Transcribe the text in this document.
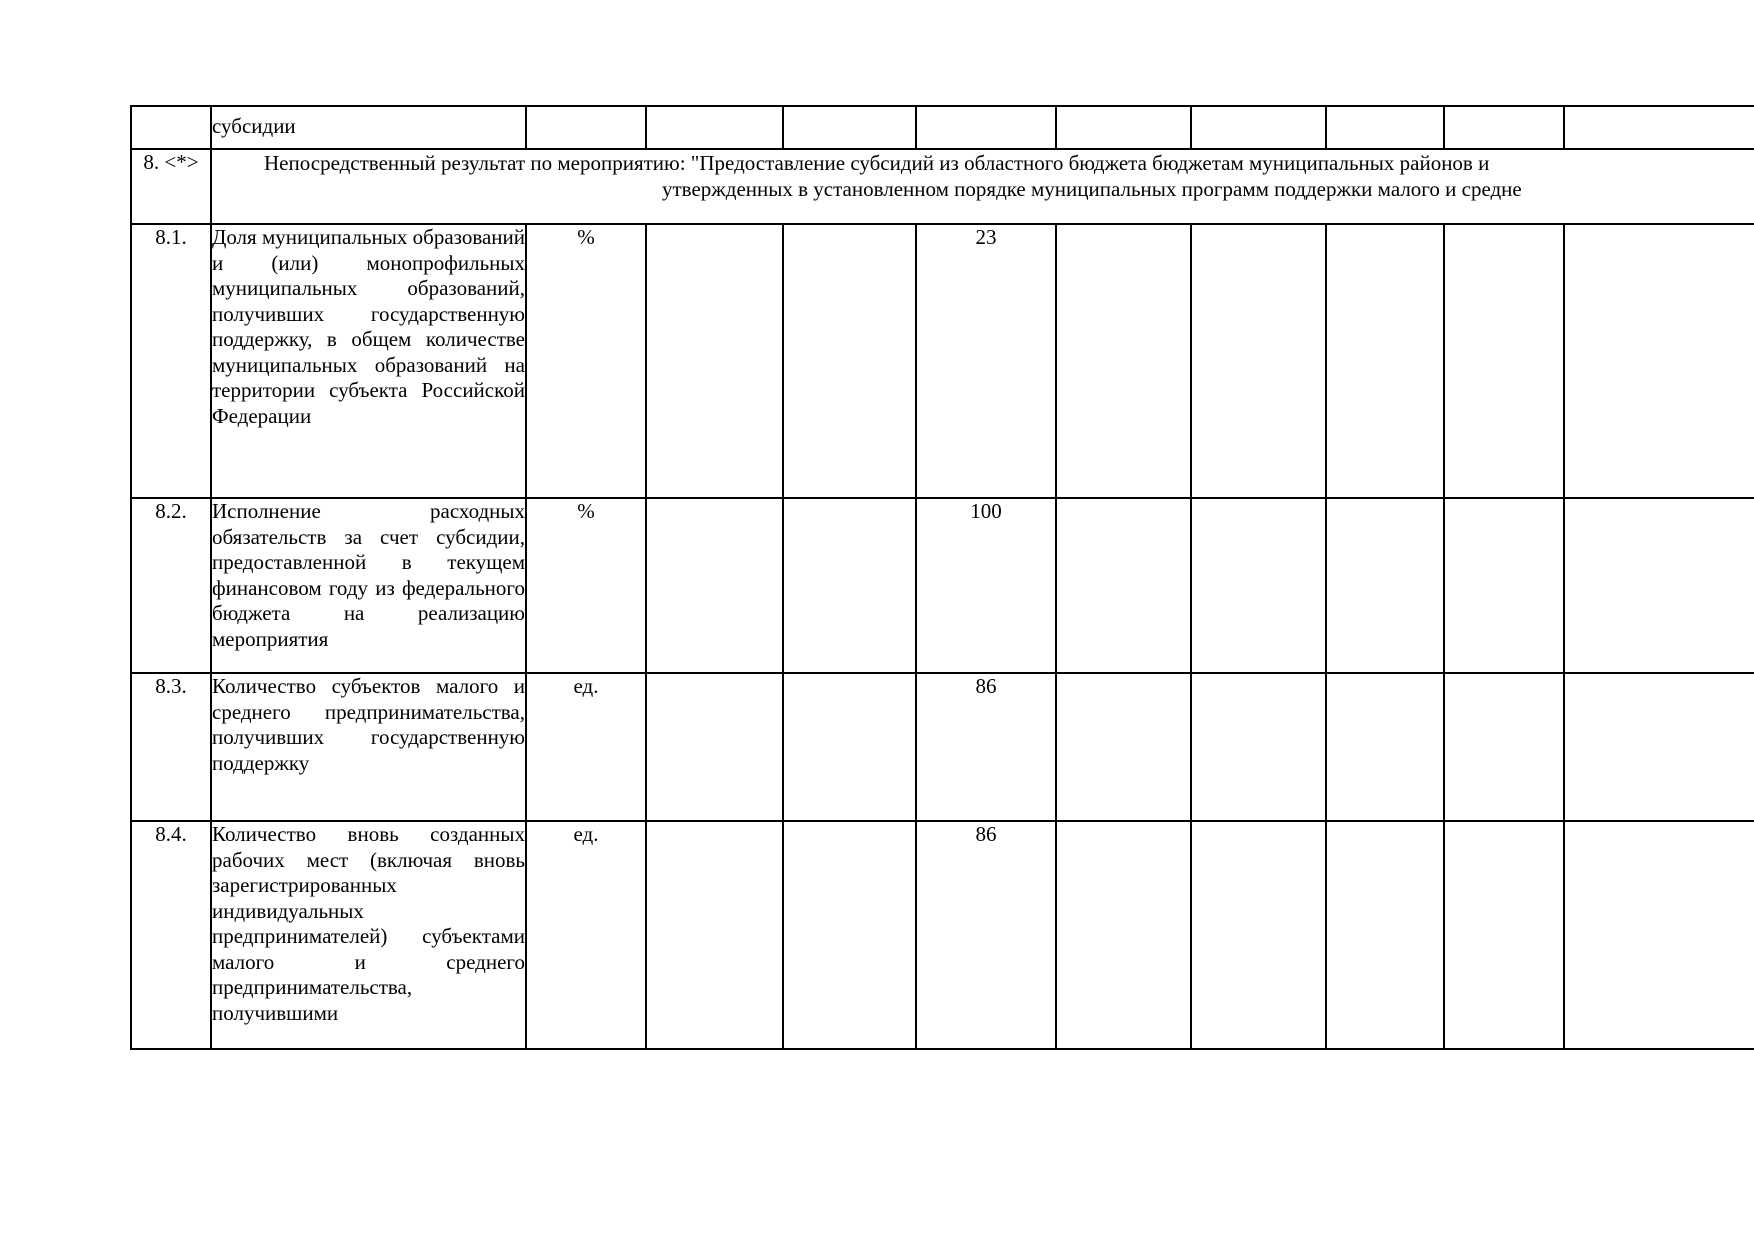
	субсидии									
8. <*>	Непосредственный результат по мероприятию: "Предоставление субсидий из областного бюджета бюджетам муниципальных районов и
утвержденных в установленном порядке муниципальных программ поддержки малого и средне									

8.1.	Доля муниципальных образований и (или) монопрофильных муниципальных образований, получивших государственную поддержку, в общем количестве муниципальных образований на территории субъекта Российской Федерации	%			23					
8.2.	Исполнение расходных обязательств за счет субсидии, предоставленной в текущем финансовом году из федерального бюджета на реализацию мероприятия	%			100					
8.3.	Количество субъектов малого и среднего предпринимательства, получивших государственную поддержку	ед.			86					
8.4.	Количество вновь созданных рабочих мест (включая вновь зарегистрированных индивидуальных предпринимателей) субъектами малого и среднего предпринимательства, получившими	ед.			86					
